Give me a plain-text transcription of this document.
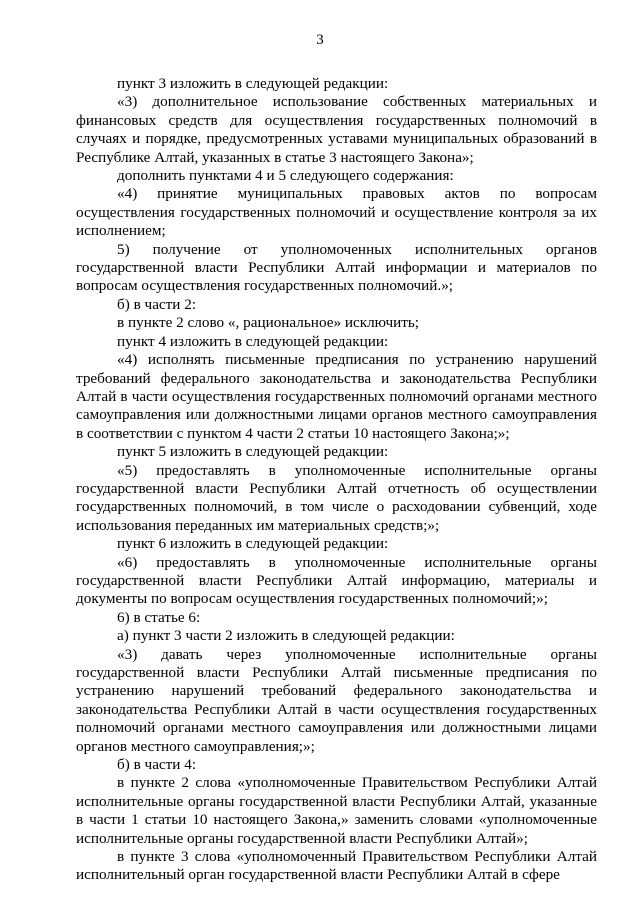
3

пункт 3 изложить в следующей редакции:

«3) дополнительное использование собственных материальных и финансовых средств для осуществления государственных полномочий в случаях и порядке, предусмотренных уставами муниципальных образований в Республике Алтай, указанных в статье 3 настоящего Закона»;

дополнить пунктами 4 и 5 следующего содержания:

«4) принятие муниципальных правовых актов по вопросам осуществления государственных полномочий и осуществление контроля за их исполнением;

5) получение от уполномоченных исполнительных органов государственной власти Республики Алтай информации и материалов по вопросам осуществления государственных полномочий.»;

б) в части 2:

в пункте 2 слово «, рациональное» исключить;

пункт 4 изложить в следующей редакции:

«4) исполнять письменные предписания по устранению нарушений требований федерального законодательства и законодательства Республики Алтай в части осуществления государственных полномочий органами местного самоуправления или должностными лицами органов местного самоуправления в соответствии с пунктом 4 части 2 статьи 10 настоящего Закона;»;

пункт 5 изложить в следующей редакции:

«5) предоставлять в уполномоченные исполнительные органы государственной власти Республики Алтай отчетность об осуществлении государственных полномочий, в том числе о расходовании субвенций, ходе использования переданных им материальных средств;»;

пункт 6 изложить в следующей редакции:

«6) предоставлять в уполномоченные исполнительные органы государственной власти Республики Алтай информацию, материалы и документы по вопросам осуществления государственных полномочий;»;

6) в статье 6:

а) пункт 3 части 2 изложить в следующей редакции:

«3) давать через уполномоченные исполнительные органы государственной власти Республики Алтай письменные предписания по устранению нарушений требований федерального законодательства и законодательства Республики Алтай в части осуществления государственных полномочий органами местного самоуправления или должностными лицами органов местного самоуправления;»;

б) в части 4:

в пункте 2 слова «уполномоченные Правительством Республики Алтай исполнительные органы государственной власти Республики Алтай, указанные в части 1 статьи 10 настоящего Закона,» заменить словами «уполномоченные исполнительные органы государственной власти Республики Алтай»;

в пункте 3 слова «уполномоченный Правительством Республики Алтай исполнительный орган государственной власти Республики Алтай в сфере
